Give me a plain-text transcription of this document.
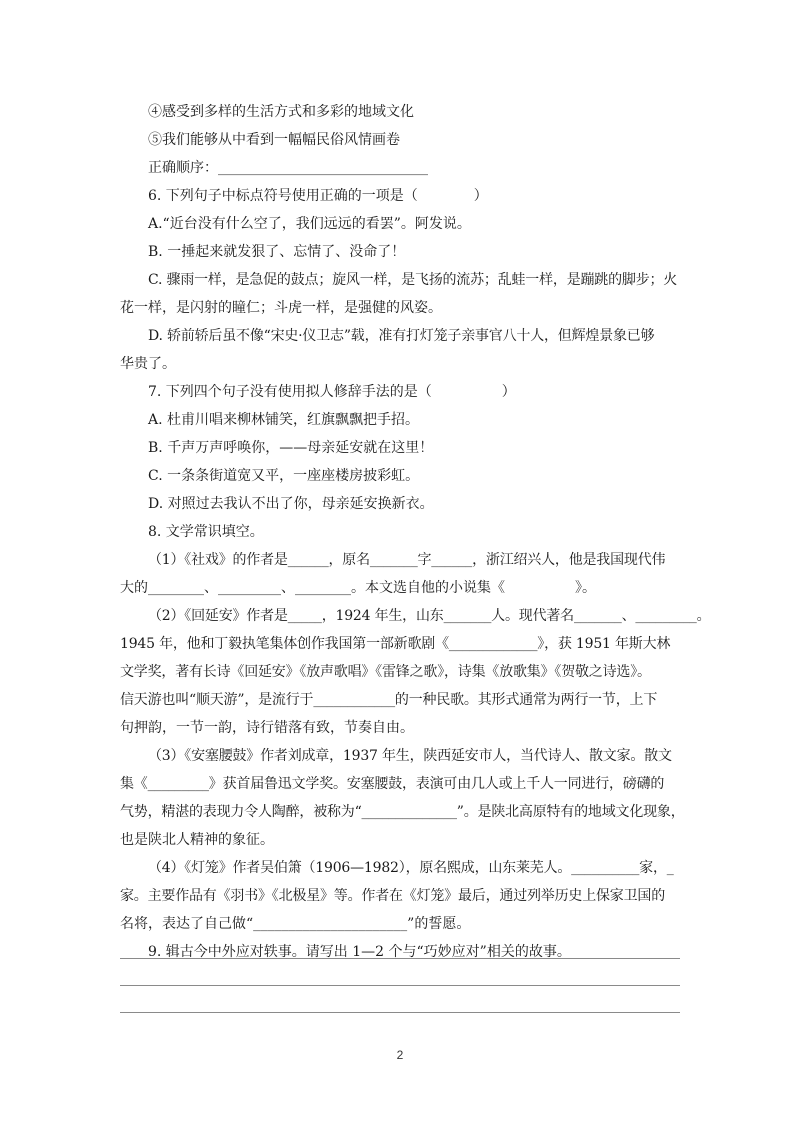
④感受到多样的生活方式和多彩的地域文化

⑤我们能够从中看到一幅幅民俗风情画卷

正确顺序：______________________________

6. 下列句子中标点符号使用正确的一项是（　　　　）

A.“近台没有什么空了，我们远远的看罢”。阿发说。

B. 一捶起来就发狠了、忘情了、没命了！

C. 骤雨一样，是急促的鼓点；旋风一样，是飞扬的流苏；乱蛙一样，是蹦跳的脚步；火

花一样，是闪射的瞳仁；斗虎一样，是强健的风姿。

D. 轿前轿后虽不像“宋史·仪卫志”载，准有打灯笼子亲事官八十人，但辉煌景象已够

华贵了。

7. 下列四个句子没有使用拟人修辞手法的是（　　　　　）

A. 杜甫川唱来柳林铺笑，红旗飘飘把手招。

B. 千声万声呼唤你，——母亲延安就在这里！

C. 一条条街道宽又平，一座座楼房披彩虹。

D. 对照过去我认不出了你，母亲延安换新衣。

8. 文学常识填空。

（1）《社戏》的作者是______，原名_______字______，浙江绍兴人，他是我国现代伟

大的________、_________、________。本文选自他的小说集《　　　　　》。

（2）《回延安》作者是_____，1924 年生，山东_______人。现代著名_______、_________。

1945 年，他和丁毅执笔集体创作我国第一部新歌剧《_____________》，获 1951 年斯大林

文学奖，著有长诗《回延安》《放声歌唱》《雷锋之歌》，诗集《放歌集》《贺敬之诗选》。

信天游也叫“顺天游”，是流行于____________的一种民歌。其形式通常为两行一节，上下

句押韵，一节一韵，诗行错落有致，节奏自由。

（3）《安塞腰鼓》作者刘成章，1937 年生，陕西延安市人，当代诗人、散文家。散文

集《_________》获首届鲁迅文学奖。安塞腰鼓，表演可由几人或上千人一同进行，磅礴的

气势，精湛的表现力令人陶醉，被称为“______________”。是陕北高原特有的地域文化现象，

也是陕北人精神的象征。

（4）《灯笼》作者吴伯箫（1906—1982），原名熙成，山东莱芜人。__________家，_

家。主要作品有《羽书》《北极星》等。作者在《灯笼》最后，通过列举历史上保家卫国的

名将，表达了自己做“______________________”的誓愿。

9. 辑古今中外应对轶事。请写出 1—2 个与“巧妙应对”相关的故事。

2
